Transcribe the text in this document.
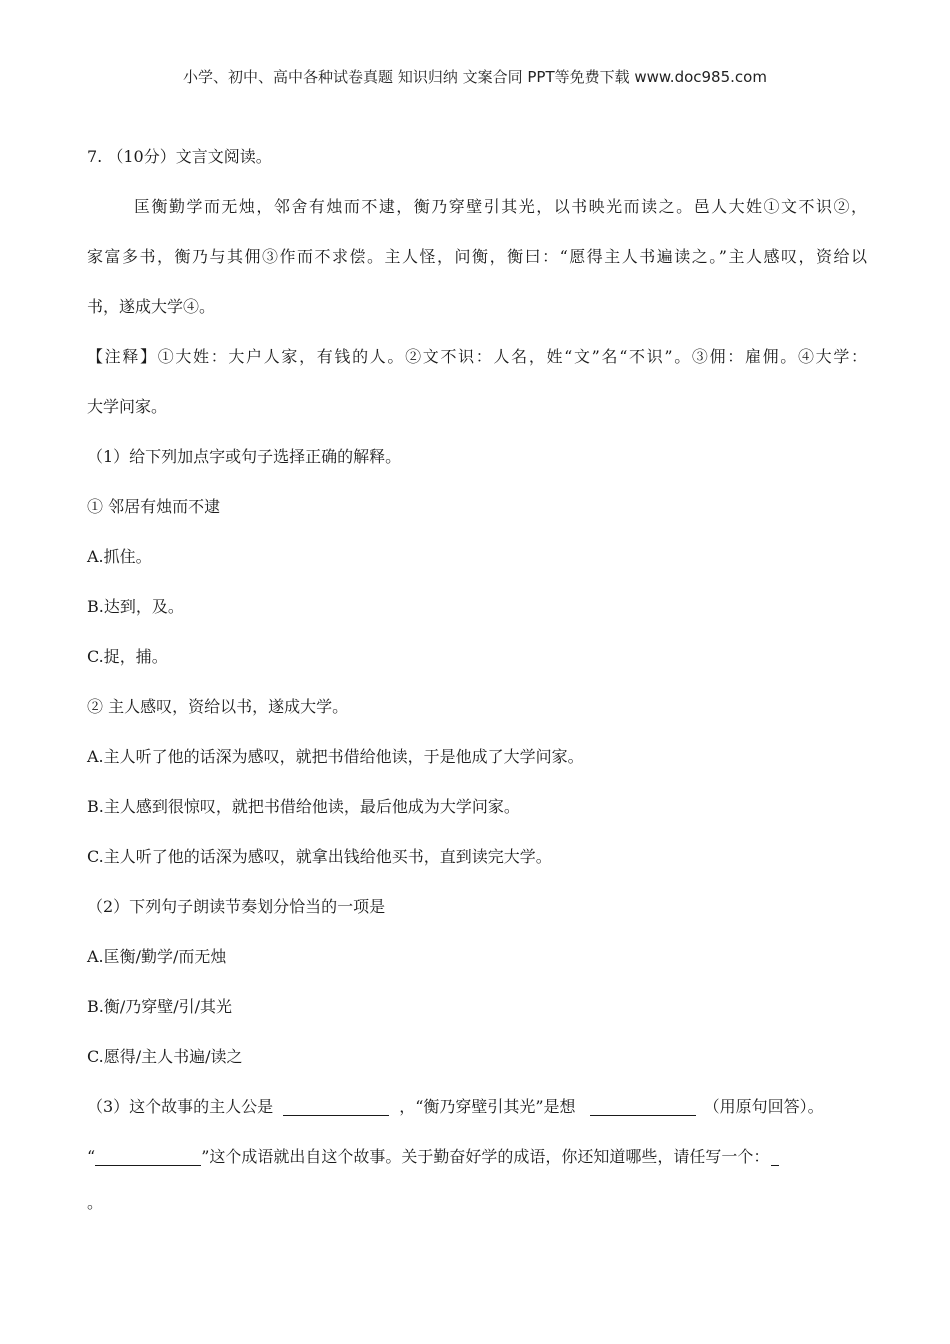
小学、初中、高中各种试卷真题 知识归纳 文案合同 PPT等免费下载 www.doc985.com
7. （10分）文言文阅读。
匡衡勤学而无烛，邻舍有烛而不逮，衡乃穿壁引其光，以书映光而读之。邑人大姓①文不识②，
家富多书，衡乃与其佣③作而不求偿。主人怪，问衡，衡曰：“愿得主人书遍读之。”主人感叹，资给以
书，遂成大学④。
【注释】①大姓：大户人家，有钱的人。②文不识：人名，姓“文”名“不识”。③佣：雇佣。④大学：
大学问家。
（1）给下列加点字或句子选择正确的解释。
① 邻居有烛而不逮
A.抓住。
B.达到，及。
C.捉，捕。
② 主人感叹，资给以书，遂成大学。
A.主人听了他的话深为感叹，就把书借给他读，于是他成了大学问家。
B.主人感到很惊叹，就把书借给他读，最后他成为大学问家。
C.主人听了他的话深为感叹，就拿出钱给他买书，直到读完大学。
（2）下列句子朗读节奏划分恰当的一项是
A.匡衡/勤学/而无烛
B.衡/乃穿壁/引/其光
C.愿得/主人书遍/读之
（3）这个故事的主人公是	，“衡乃穿壁引其光”是想	（用原句回答）。
“	”这个成语就出自这个故事。关于勤奋好学的成语，你还知道哪些，请任写一个：
。
